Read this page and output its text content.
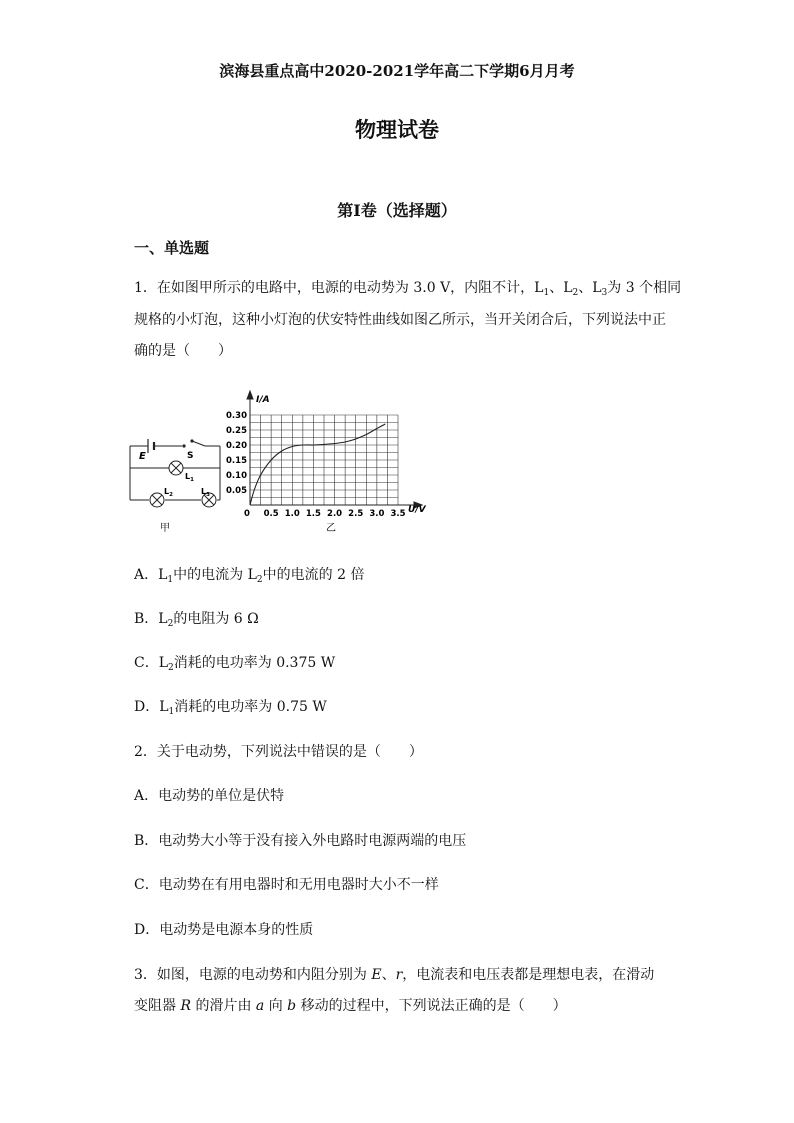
滨海县重点高中2020-2021学年高二下学期6月月考
物理试卷
第Ⅰ卷（选择题）
一、单选题
1．在如图甲所示的电路中，电源的电动势为 3.0 V，内阻不计，$L_1$、$L_2$、$L_3$为 3 个相同
规格的小灯泡，这种小灯泡的伏安特性曲线如图乙所示，当开关闭合后，下列说法中正
确的是（　　）
E	S
$L_1$
$L_2$	$L_3$
甲
0 0.5 1.0 1.5 2.0 2.5 3.0 3.5
0.05
0.10
0.15
0.20
0.25
0.30
I/A
U/V
乙
A．$L_1$中的电流为 $L_2$中的电流的 2 倍
B．$L_2$的电阻为 6 Ω
C．$L_2$消耗的电功率为 0.375 W
D．$L_1$消耗的电功率为 0.75 W
2．关于电动势，下列说法中错误的是（　　）
A．电动势的单位是伏特
B．电动势大小等于没有接入外电路时电源两端的电压
C．电动势在有用电器时和无用电器时大小不一样
D．电动势是电源本身的性质
3．如图，电源的电动势和内阻分别为 E、r，电流表和电压表都是理想电表，在滑动
变阻器 R 的滑片由 a 向 b 移动的过程中，下列说法正确的是（　　）
